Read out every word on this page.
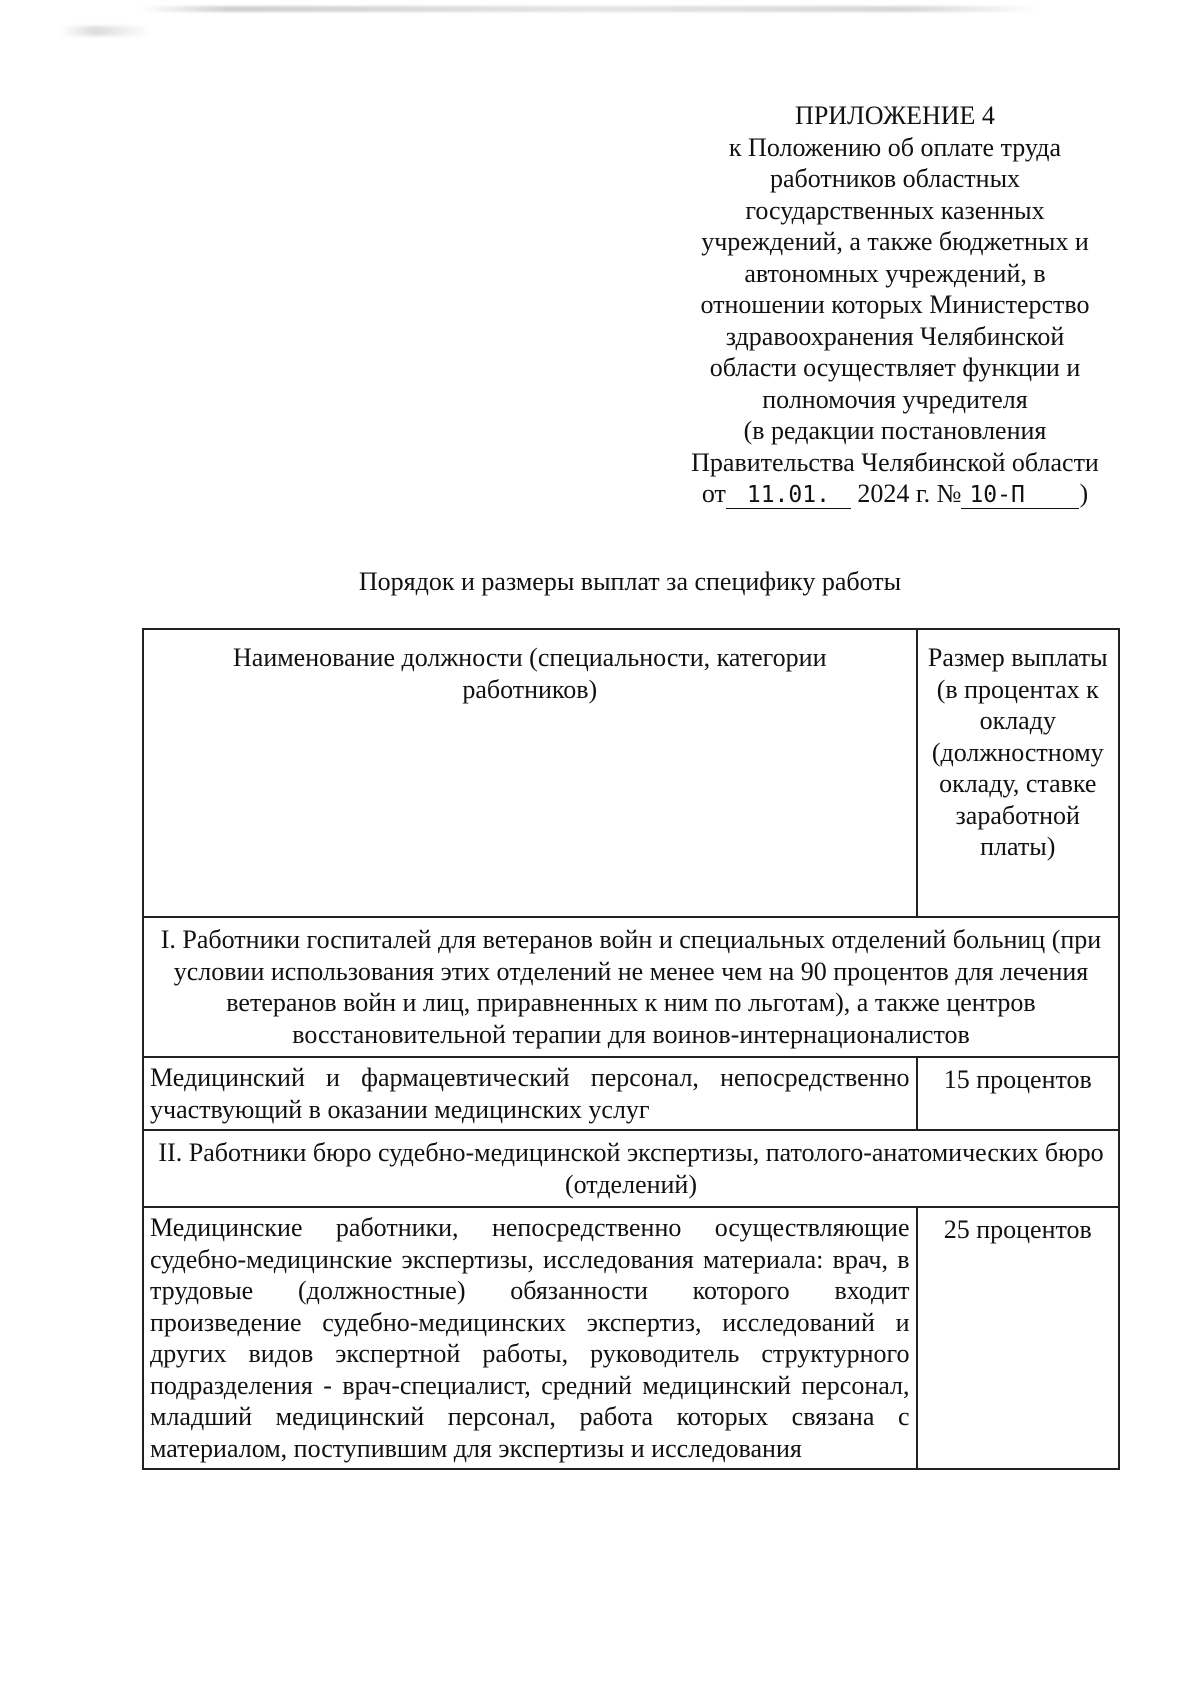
ПРИЛОЖЕНИЕ 4
к Положению об оплате труда
работников областных
государственных казенных
учреждений, а также бюджетных и
автономных учреждений, в
отношении которых Министерство
здравоохранения Челябинской
области осуществляет функции и
полномочия учредителя
(в редакции постановления
Правительства Челябинской области
от 11.01. 2024 г. № 10-П )
Порядок и размеры выплат за специфику работы
Наименование должности (специальности, категории работников)	Размер выплаты (в процентах к окладу (должностному окладу, ставке заработной платы)
I. Работники госпиталей для ветеранов войн и специальных отделений больниц (при условии использования этих отделений не менее чем на 90 процентов для лечения ветеранов войн и лиц, приравненных к ним по льготам), а также центров восстановительной терапии для воинов-интернационалистов	
Медицинский и фармацевтический персонал, непосредственно участвующий в оказании медицинских услуг	15 процентов
II. Работники бюро судебно-медицинской экспертизы, патолого-анатомических бюро (отделений)	
Медицинские работники, непосредственно осуществляющие судебно-медицинские экспертизы, исследования материала: врач, в трудовые (должностные) обязанности которого входит произведение судебно-медицинских экспертиз, исследований и других видов экспертной работы, руководитель структурного подразделения - врач-специалист, средний медицинский персонал, младший медицинский персонал, работа которых связана с материалом, поступившим для экспертизы и исследования	25 процентов
